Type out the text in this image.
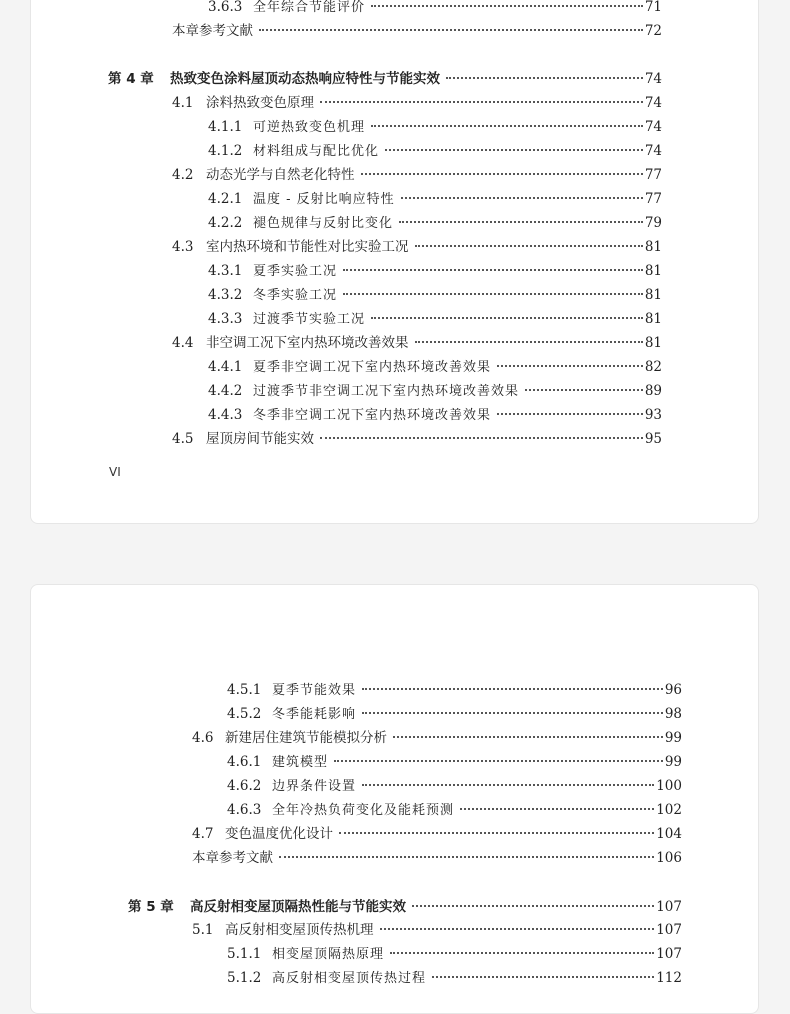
3.6.3 全年综合节能评价	71
本章参考文献	72
第 4 章	热致变色涂料屋顶动态热响应特性与节能实效	74
4.1 涂料热致变色原理	74
4.1.1 可逆热致变色机理	74
4.1.2 材料组成与配比优化	74
4.2 动态光学与自然老化特性	77
4.2.1 温度 - 反射比响应特性	77
4.2.2 褪色规律与反射比变化	79
4.3 室内热环境和节能性对比实验工况	81
4.3.1 夏季实验工况	81
4.3.2 冬季实验工况	81
4.3.3 过渡季节实验工况	81
4.4 非空调工况下室内热环境改善效果	81
4.4.1 夏季非空调工况下室内热环境改善效果	82
4.4.2 过渡季节非空调工况下室内热环境改善效果	89
4.4.3 冬季非空调工况下室内热环境改善效果	93
4.5 屋顶房间节能实效	95
VI
4.5.1 夏季节能效果	96
4.5.2 冬季能耗影响	98
4.6 新建居住建筑节能模拟分析	99
4.6.1 建筑模型	99
4.6.2 边界条件设置	100
4.6.3 全年冷热负荷变化及能耗预测	102
4.7 变色温度优化设计	104
本章参考文献	106
第 5 章	高反射相变屋顶隔热性能与节能实效	107
5.1 高反射相变屋顶传热机理	107
5.1.1 相变屋顶隔热原理	107
5.1.2 高反射相变屋顶传热过程	112
